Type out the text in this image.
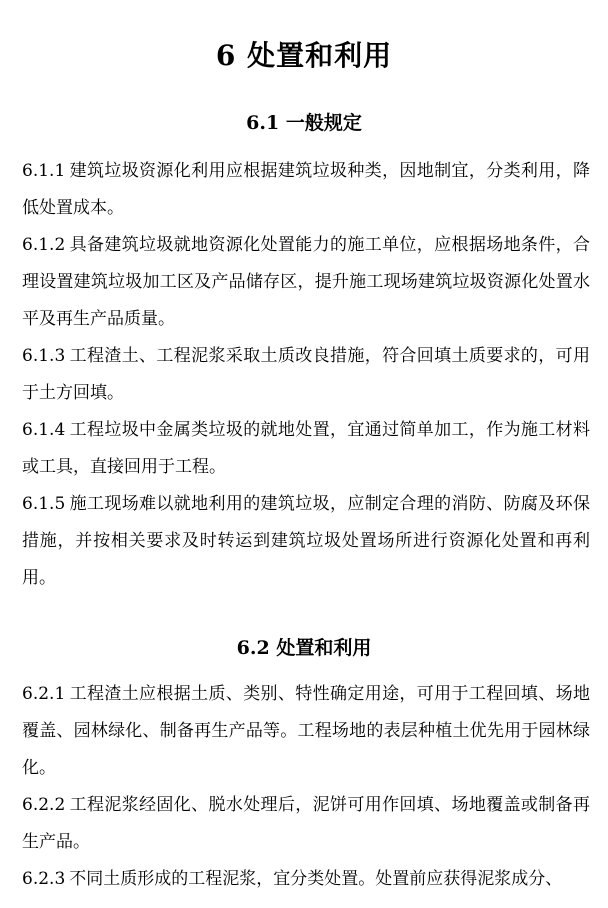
6 处置和利用
6.1 一般规定
6.1.1 建筑垃圾资源化利用应根据建筑垃圾种类，因地制宜，分类利用，降低处置成本。
6.1.2 具备建筑垃圾就地资源化处置能力的施工单位，应根据场地条件，合理设置建筑垃圾加工区及产品储存区，提升施工现场建筑垃圾资源化处置水平及再生产品质量。
6.1.3 工程渣土、工程泥浆采取土质改良措施，符合回填土质要求的，可用于土方回填。
6.1.4 工程垃圾中金属类垃圾的就地处置，宜通过简单加工，作为施工材料或工具，直接回用于工程。
6.1.5 施工现场难以就地利用的建筑垃圾，应制定合理的消防、防腐及环保措施，并按相关要求及时转运到建筑垃圾处置场所进行资源化处置和再利用。
6.2 处置和利用
6.2.1 工程渣土应根据土质、类别、特性确定用途，可用于工程回填、场地覆盖、园林绿化、制备再生产品等。工程场地的表层种植土优先用于园林绿化。
6.2.2 工程泥浆经固化、脱水处理后，泥饼可用作回填、场地覆盖或制备再生产品。
6.2.3 不同土质形成的工程泥浆，宜分类处置。处置前应获得泥浆成分、
